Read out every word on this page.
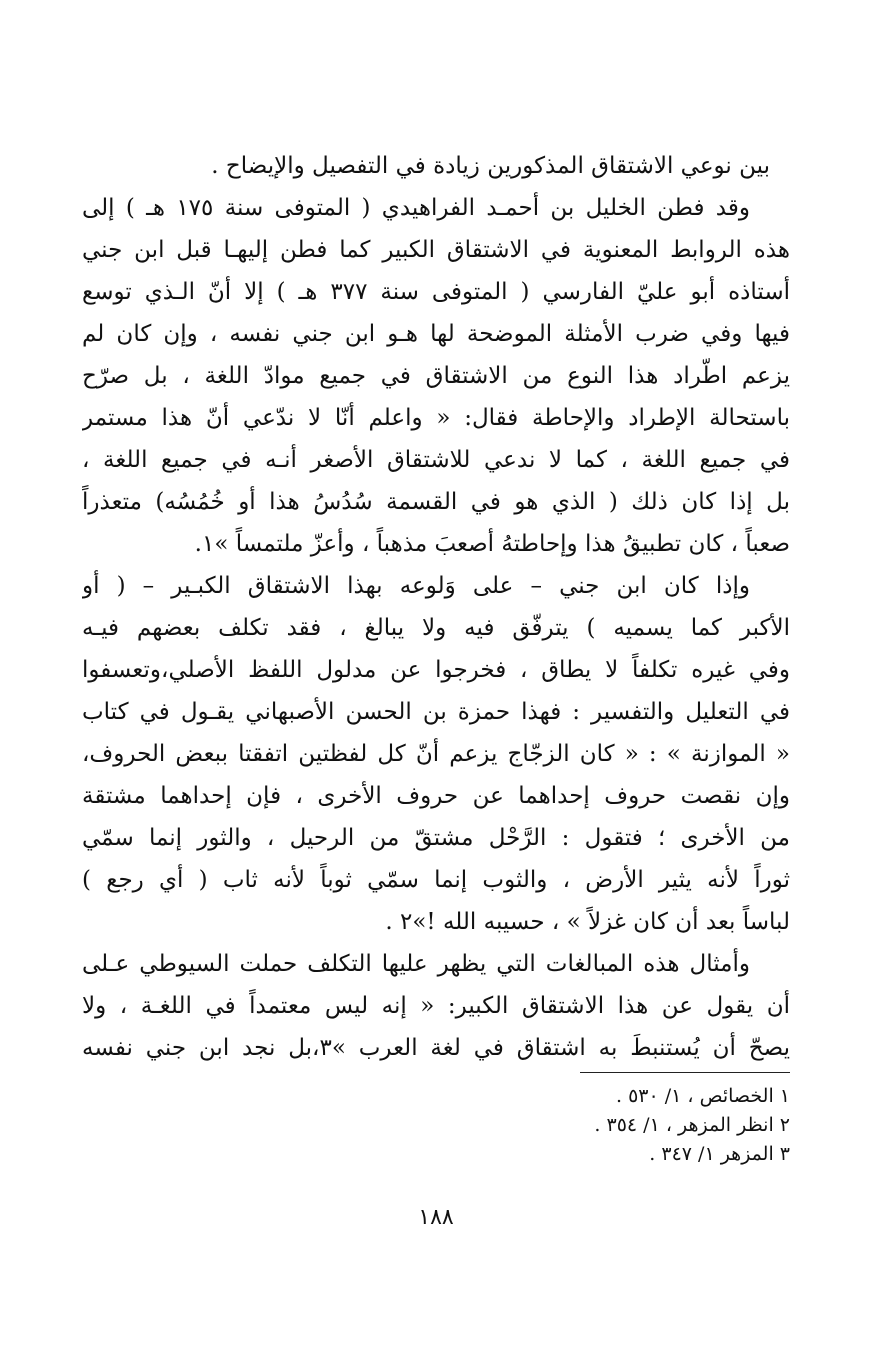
بين نوعي الاشتقاق المذكورين زيادة في التفصيل والإيضاح .
وقد فطن الخليل بن أحمـد الفراهيدي ( المتوفى سنة ١٧٥ هـ ) إلى
هذه الروابط المعنوية في الاشتقاق الكبير كما فطن إليهـا قبل ابن جني
أستاذه أبو عليّ الفارسي ( المتوفى سنة ٣٧٧ هـ ) إلا أنّ الـذي توسع
فيها وفي ضرب الأمثلة الموضحة لها هـو ابن جني نفسه ، وإن كان لم
يزعم اطّراد هذا النوع من الاشتقاق في جميع موادّ اللغة ، بل صرّح
باستحالة الإطراد والإحاطة فقال: « واعلم أنّا لا ندّعي أنّ هذا مستمر
في جميع اللغة ، كما لا ندعي للاشتقاق الأصغر أنـه في جميع اللغة ،
بل إذا كان ذلك ( الذي هو في القسمة سُدُسُ هذا أو خُمُسُه) متعذراً
صعباً ، كان تطبيقُ هذا وإحاطتهُ أصعبَ مذهباً ، وأعزّ ملتمساً »١.
وإذا كان ابن جني – على وَلوعه بهذا الاشتقاق الكبـير – ( أو
الأكبر كما يسميه ) يترفّق فيه ولا يبالغ ، فقد تكلف بعضهم فيـه
وفي غيره تكلفاً لا يطاق ، فخرجوا عن مدلول اللفظ الأصلي،وتعسفوا
في التعليل والتفسير : فهذا حمزة بن الحسن الأصبهاني يقـول في كتاب
« الموازنة » : « كان الزجّاج يزعم أنّ كل لفظتين اتفقتا ببعض الحروف،
وإن نقصت حروف إحداهما عن حروف الأخرى ، فإن إحداهما مشتقة
من الأخرى ؛ فتقول : الرَّحْل مشتقّ من الرحيل ، والثور إنما سمّي
ثوراً لأنه يثير الأرض ، والثوب إنما سمّي ثوباً لأنه ثاب ( أي رجع )
لباساً بعد أن كان غزلاً » ، حسيبه الله !»٢ .
وأمثال هذه المبالغات التي يظهر عليها التكلف حملت السيوطي عـلى
أن يقول عن هذا الاشتقاق الكبير: « إنه ليس معتمداً في اللغـة ، ولا
يصحّ أن يُستنبطَ به اشتقاق في لغة العرب »٣،بل نجد ابن جني نفسه
١ الخصائص ، ١/ ٥٣٠ .
٢ انظر المزهر ، ١/ ٣٥٤ .
٣ المزهر ١/ ٣٤٧ .
١٨٨
